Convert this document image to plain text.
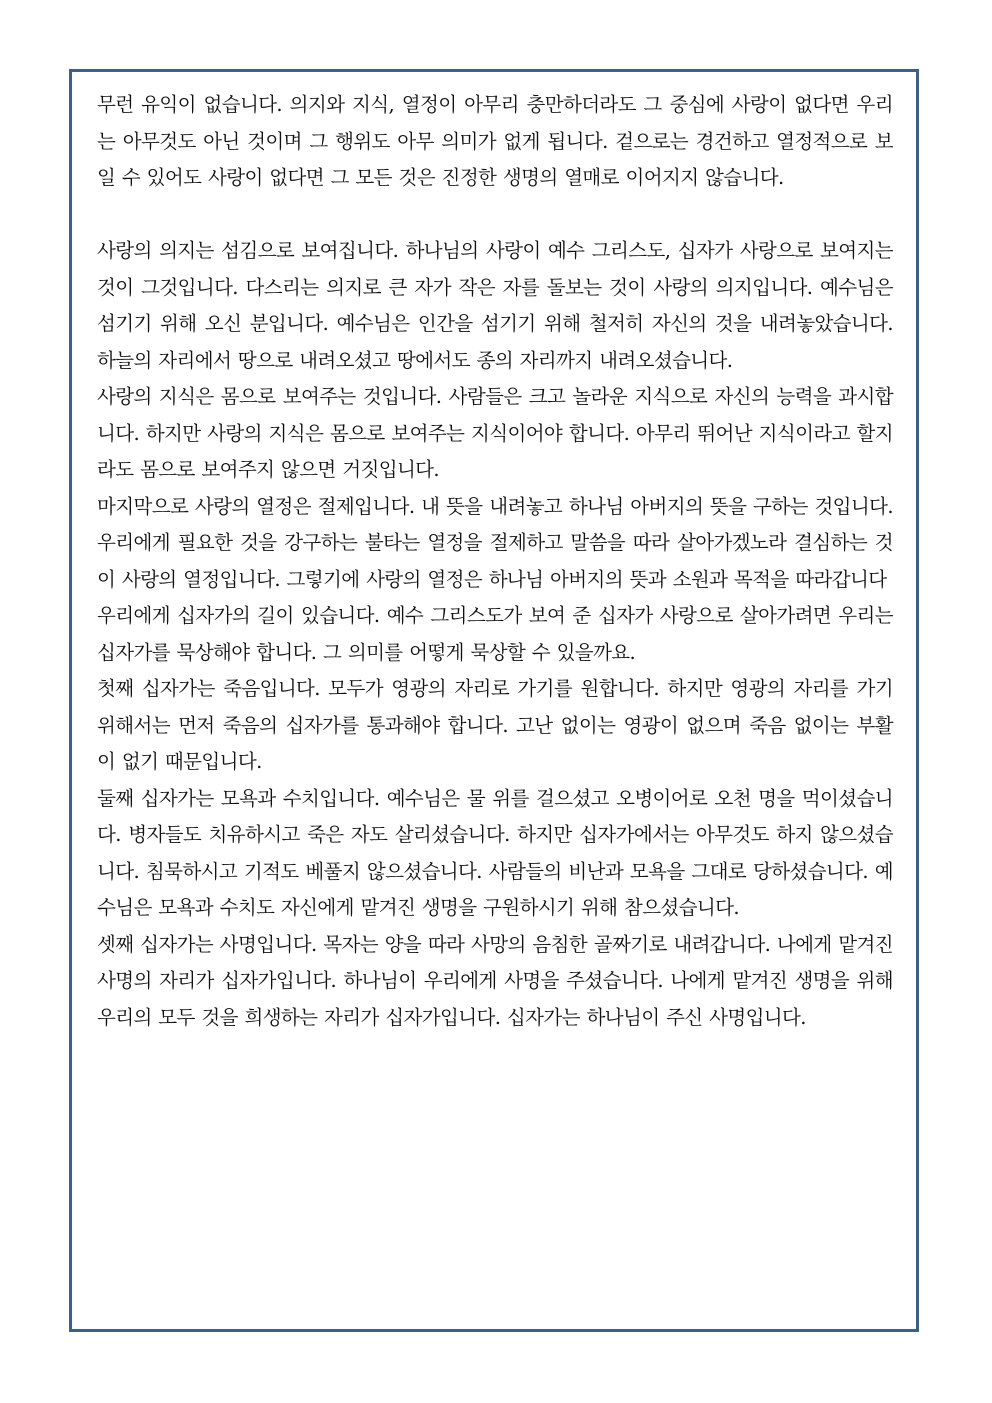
무런 유익이 없습니다. 의지와 지식, 열정이 아무리 충만하더라도 그 중심에 사랑이 없다면 우리는 아무것도 아닌 것이며 그 행위도 아무 의미가 없게 됩니다. 겉으로는 경건하고 열정적으로 보일 수 있어도 사랑이 없다면 그 모든 것은 진정한 생명의 열매로 이어지지 않습니다.

사랑의 의지는 섬김으로 보여집니다. 하나님의 사랑이 예수 그리스도, 십자가 사랑으로 보여지는 것이 그것입니다. 다스리는 의지로 큰 자가 작은 자를 돌보는 것이 사랑의 의지입니다. 예수님은 섬기기 위해 오신 분입니다. 예수님은 인간을 섬기기 위해 철저히 자신의 것을 내려놓았습니다. 하늘의 자리에서 땅으로 내려오셨고 땅에서도 종의 자리까지 내려오셨습니다.

사랑의 지식은 몸으로 보여주는 것입니다. 사람들은 크고 놀라운 지식으로 자신의 능력을 과시합니다. 하지만 사랑의 지식은 몸으로 보여주는 지식이어야 합니다. 아무리 뛰어난 지식이라고 할지라도 몸으로 보여주지 않으면 거짓입니다.

마지막으로 사랑의 열정은 절제입니다. 내 뜻을 내려놓고 하나님 아버지의 뜻을 구하는 것입니다. 우리에게 필요한 것을 강구하는 불타는 열정을 절제하고 말씀을 따라 살아가겠노라 결심하는 것이 사랑의 열정입니다. 그렇기에 사랑의 열정은 하나님 아버지의 뜻과 소원과 목적을 따라갑니다

우리에게 십자가의 길이 있습니다. 예수 그리스도가 보여 준 십자가 사랑으로 살아가려면 우리는 십자가를 묵상해야 합니다. 그 의미를 어떻게 묵상할 수 있을까요.

첫째 십자가는 죽음입니다. 모두가 영광의 자리로 가기를 원합니다. 하지만 영광의 자리를 가기 위해서는 먼저 죽음의 십자가를 통과해야 합니다. 고난 없이는 영광이 없으며 죽음 없이는 부활이 없기 때문입니다.

둘째 십자가는 모욕과 수치입니다. 예수님은 물 위를 걸으셨고 오병이어로 오천 명을 먹이셨습니다. 병자들도 치유하시고 죽은 자도 살리셨습니다. 하지만 십자가에서는 아무것도 하지 않으셨습니다. 침묵하시고 기적도 베풀지 않으셨습니다. 사람들의 비난과 모욕을 그대로 당하셨습니다. 예수님은 모욕과 수치도 자신에게 맡겨진 생명을 구원하시기 위해 참으셨습니다.

셋째 십자가는 사명입니다. 목자는 양을 따라 사망의 음침한 골짜기로 내려갑니다. 나에게 맡겨진 사명의 자리가 십자가입니다. 하나님이 우리에게 사명을 주셨습니다. 나에게 맡겨진 생명을 위해 우리의 모두 것을 희생하는 자리가 십자가입니다. 십자가는 하나님이 주신 사명입니다.
